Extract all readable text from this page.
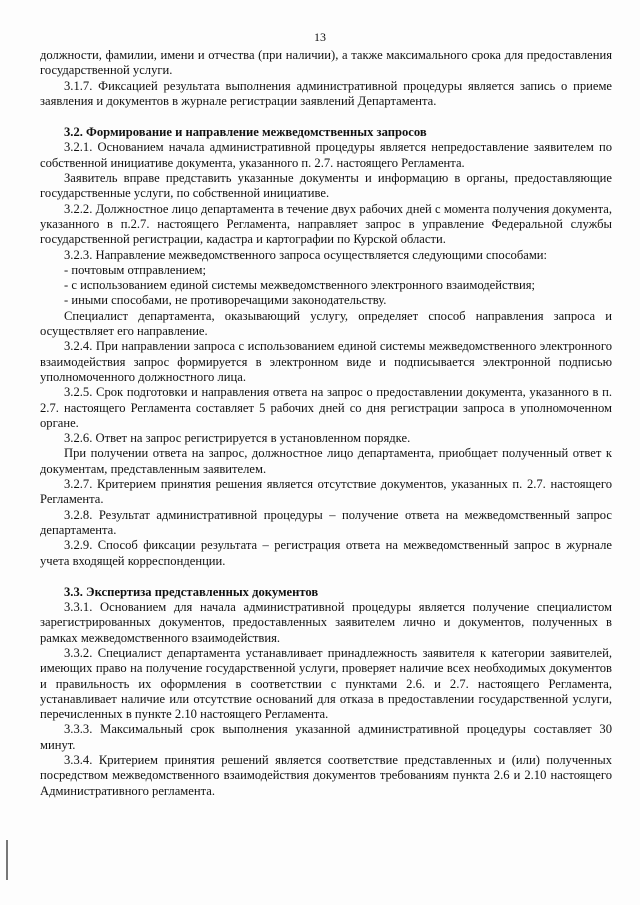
13

должности, фамилии, имени и отчества (при наличии), а также максимального срока для предоставления государственной услуги.

3.1.7. Фиксацией результата выполнения административной процедуры является запись о приеме заявления и документов в журнале регистрации заявлений Департамента.

3.2. Формирование и направление межведомственных запросов

3.2.1. Основанием начала административной процедуры является непредоставление заявителем по собственной инициативе документа, указанного п. 2.7. настоящего Регламента.

Заявитель вправе представить указанные документы и информацию в органы, предоставляющие государственные услуги, по собственной инициативе.

3.2.2. Должностное лицо департамента в течение двух рабочих дней с момента получения документа, указанного в п.2.7. настоящего Регламента, направляет запрос в управление Федеральной службы государственной регистрации, кадастра и картографии по Курской области.

3.2.3. Направление межведомственного запроса осуществляется следующими способами:

- почтовым отправлением;

- с использованием единой системы межведомственного электронного взаимодействия;

- иными способами, не противоречащими законодательству.

Специалист департамента, оказывающий услугу, определяет способ направления запроса и осуществляет его направление.

3.2.4. При направлении запроса с использованием единой системы межведомственного электронного взаимодействия запрос формируется в электронном виде и подписывается электронной подписью уполномоченного должностного лица.

3.2.5. Срок подготовки и направления ответа на запрос о предоставлении документа, указанного в п. 2.7. настоящего Регламента составляет 5 рабочих дней со дня регистрации запроса в уполномоченном органе.

3.2.6. Ответ на запрос регистрируется в установленном порядке.

При получении ответа на запрос, должностное лицо департамента, приобщает полученный ответ к документам, представленным заявителем.

3.2.7. Критерием принятия решения является отсутствие документов, указанных п. 2.7. настоящего Регламента.

3.2.8. Результат административной процедуры – получение ответа на межведомственный запрос департамента.

3.2.9. Способ фиксации результата – регистрация ответа на межведомственный запрос в журнале учета входящей корреспонденции.

3.3. Экспертиза представленных документов

3.3.1. Основанием для начала административной процедуры является получение специалистом зарегистрированных документов, предоставленных заявителем лично и документов, полученных в рамках межведомственного взаимодействия.

3.3.2. Специалист департамента устанавливает принадлежность заявителя к категории заявителей, имеющих право на получение государственной услуги, проверяет наличие всех необходимых документов и правильность их оформления в соответствии с пунктами 2.6. и 2.7. настоящего Регламента, устанавливает наличие или отсутствие оснований для отказа в предоставлении государственной услуги, перечисленных в пункте 2.10 настоящего Регламента.

3.3.3. Максимальный срок выполнения указанной административной процедуры составляет 30 минут.

3.3.4. Критерием принятия решений является соответствие представленных и (или) полученных посредством межведомственного взаимодействия документов требованиям пункта 2.6 и 2.10 настоящего Административного регламента.
